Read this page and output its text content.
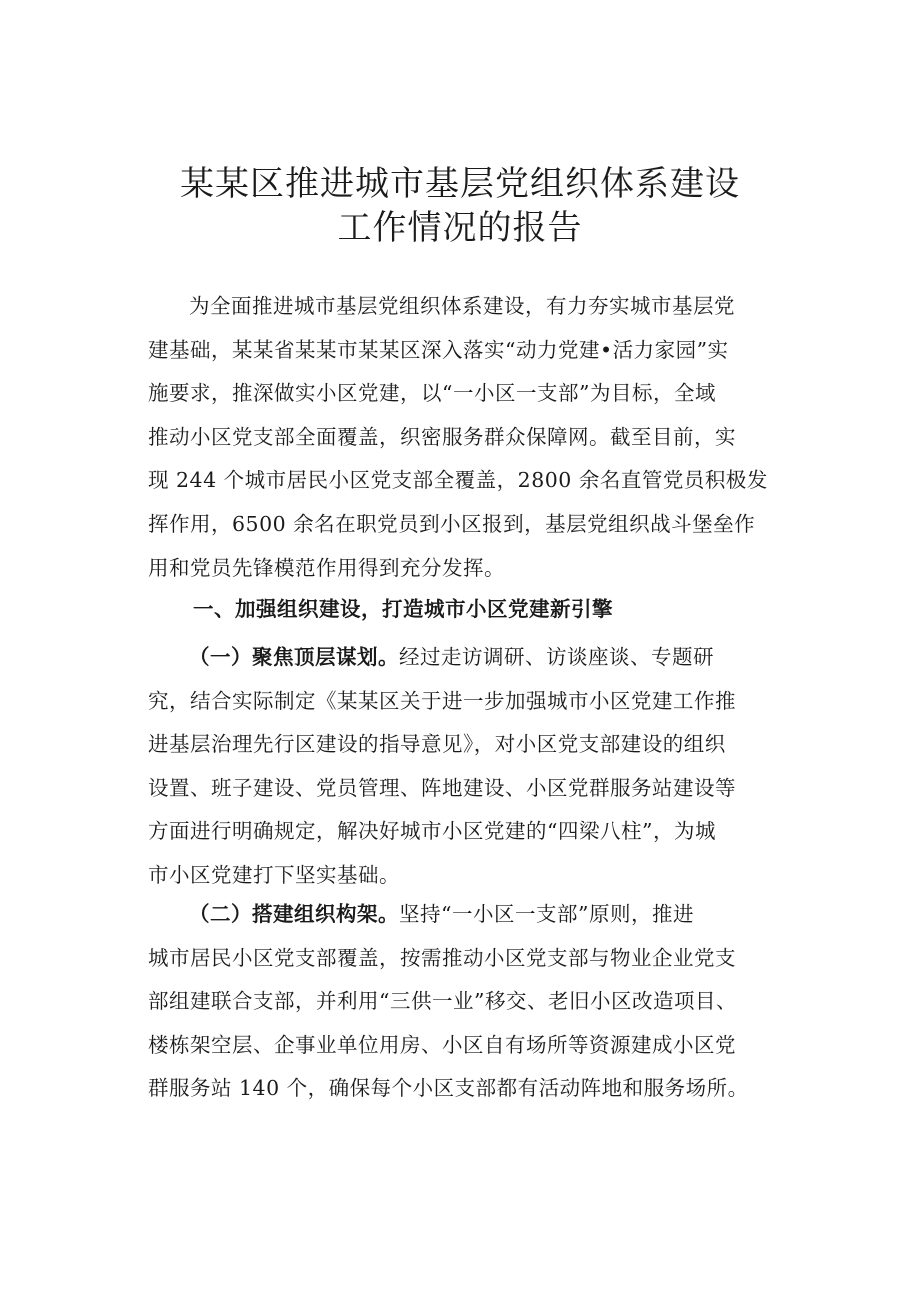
某某区推进城市基层党组织体系建设
工作情况的报告
为全面推进城市基层党组织体系建设，有力夯实城市基层党
建基础，某某省某某市某某区深入落实“动力党建•活力家园”实
施要求，推深做实小区党建，以“一小区一支部”为目标，全域
推动小区党支部全面覆盖，织密服务群众保障网。截至目前，实
现 244 个城市居民小区党支部全覆盖，2800 余名直管党员积极发
挥作用，6500 余名在职党员到小区报到，基层党组织战斗堡垒作
用和党员先锋模范作用得到充分发挥。
一、加强组织建设，打造城市小区党建新引擎
（一）聚焦顶层谋划。经过走访调研、访谈座谈、专题研
究，结合实际制定《某某区关于进一步加强城市小区党建工作推
进基层治理先行区建设的指导意见》，对小区党支部建设的组织
设置、班子建设、党员管理、阵地建设、小区党群服务站建设等
方面进行明确规定，解决好城市小区党建的“四梁八柱”，为城
市小区党建打下坚实基础。
（二）搭建组织构架。坚持“一小区一支部”原则，推进
城市居民小区党支部覆盖，按需推动小区党支部与物业企业党支
部组建联合支部，并利用“三供一业”移交、老旧小区改造项目、
楼栋架空层、企事业单位用房、小区自有场所等资源建成小区党
群服务站 140 个，确保每个小区支部都有活动阵地和服务场所。
